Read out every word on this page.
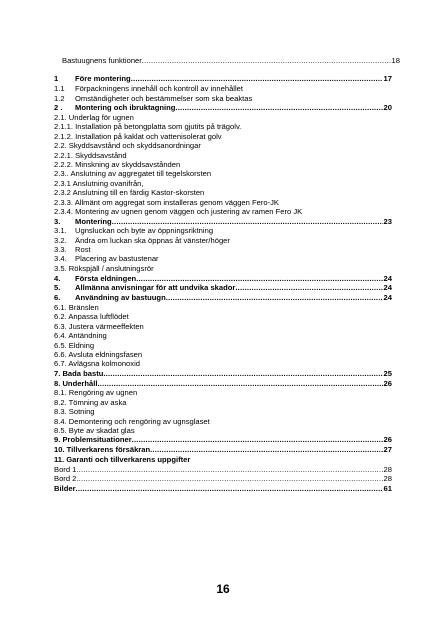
Bastuugnens funktioner .....	18
1	Före montering .....	17
1.1	Förpackningens innehåll och kontroll av innehållet
1.2	Omständigheter och bestämmelser som ska beaktas
2 .	Montering och ibruktagning .....	20
2.1. Underlag för ugnen
2.1.1. Installation på betongplatta som gjutits på trägolv.
2.1.2. Installation på kaklat och vattenisolerat golv
2.2. Skyddsavstånd och skyddsanordningar
2.2.1. Skyddsavstånd
2.2.2. Minskning av skyddsavstånden
2.3.. Anslutning av aggregatet till tegelskorsten
2.3.1 Anslutning ovanifrån,
2.3.2 Anslutning till en färdig Kastor-skorsten
2.3.3. Allmänt om aggregat som installeras genom väggen Fero-JK
2.3.4. Montering av ugnen genom väggen och justering av ramen Fero JK
3.	Montering .....	23
3.1. Ugnsluckan och byte av öppningsriktning
3.2. Ändra om luckan ska öppnas åt vänster/höger
3.3. Rost
3.4. Placering av bastustenar
3.5. Rökspjäll / anslutningsrör
4.	Första eldningen .....	24
5.	Allmänna anvisningar för att undvika skador .....	24
6.	Användning av bastuugn .....	24
6.1. Bränslen
6.2. Anpassa luftflödet
6.3. Justera värmeeffekten
6.4. Antändning
6.5. Eldning
6.6. Avsluta eldningsfasen
6.7. Avlägsna kolmonoxid
7. Bada bastu .....	25
8. Underhåll .....	26
8.1. Rengöring av ugnen
8.2. Tömning av aska
8.3. Sotning
8.4. Demontering och rengöring av ugnsglaset
8.5. Byte av skadat glas
9. Problemsituationer .....	26
10. Tillverkarens försäkran .....	27
11. Garanti och tillverkarens uppgifter
Bord 1 .....	28
Bord 2 .....	28
Bilder .....	61
16
